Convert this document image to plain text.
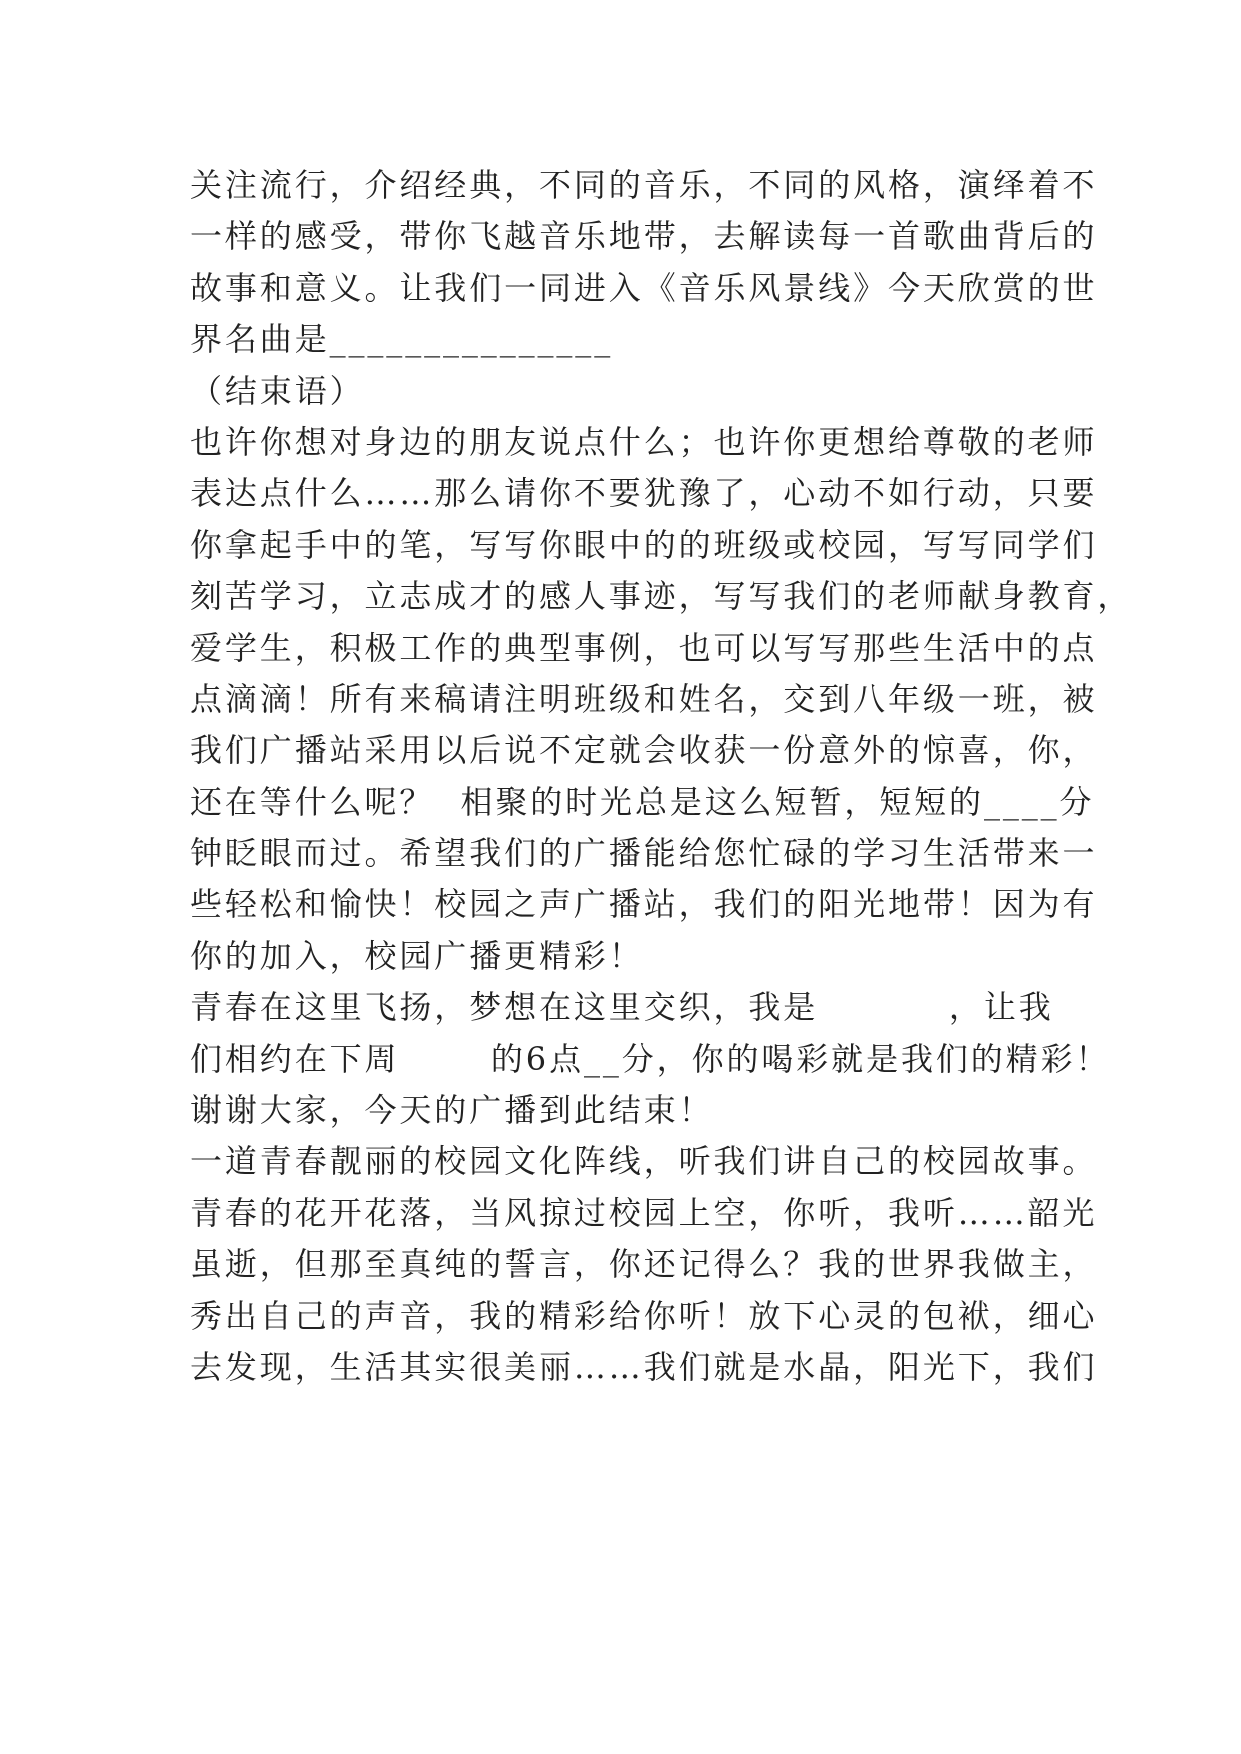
关注流行，介绍经典，不同的音乐，不同的风格，演绎着不
一样的感受，带你飞越音乐地带，去解读每一首歌曲背后的
故事和意义。让我们一同进入《音乐风景线》今天欣赏的世
界名曲是_______________
（结束语）
也许你想对身边的朋友说点什么；也许你更想给尊敬的老师
表达点什么……那么请你不要犹豫了，心动不如行动，只要
你拿起手中的笔，写写你眼中的的班级或校园，写写同学们
刻苦学习，立志成才的感人事迹，写写我们的老师献身教育，
爱学生，积极工作的典型事例，也可以写写那些生活中的点
点滴滴！所有来稿请注明班级和姓名，交到八年级一班，被
我们广播站采用以后说不定就会收获一份意外的惊喜，你，
还在等什么呢？  相聚的时光总是这么短暂，短短的____分
钟眨眼而过。希望我们的广播能给您忙碌的学习生活带来一
些轻松和愉快！校园之声广播站，我们的阳光地带！因为有
你的加入，校园广播更精彩！
青春在这里飞扬，梦想在这里交织，我是          ，让我
们相约在下周       的6点__分，你的喝彩就是我们的精彩！
谢谢大家，今天的广播到此结束！
一道青春靓丽的校园文化阵线，听我们讲自己的校园故事。
青春的花开花落，当风掠过校园上空，你听，我听……韶光
虽逝，但那至真纯的誓言，你还记得么？我的世界我做主，
秀出自己的声音，我的精彩给你听！放下心灵的包袱，细心
去发现，生活其实很美丽……我们就是水晶，阳光下，我们
